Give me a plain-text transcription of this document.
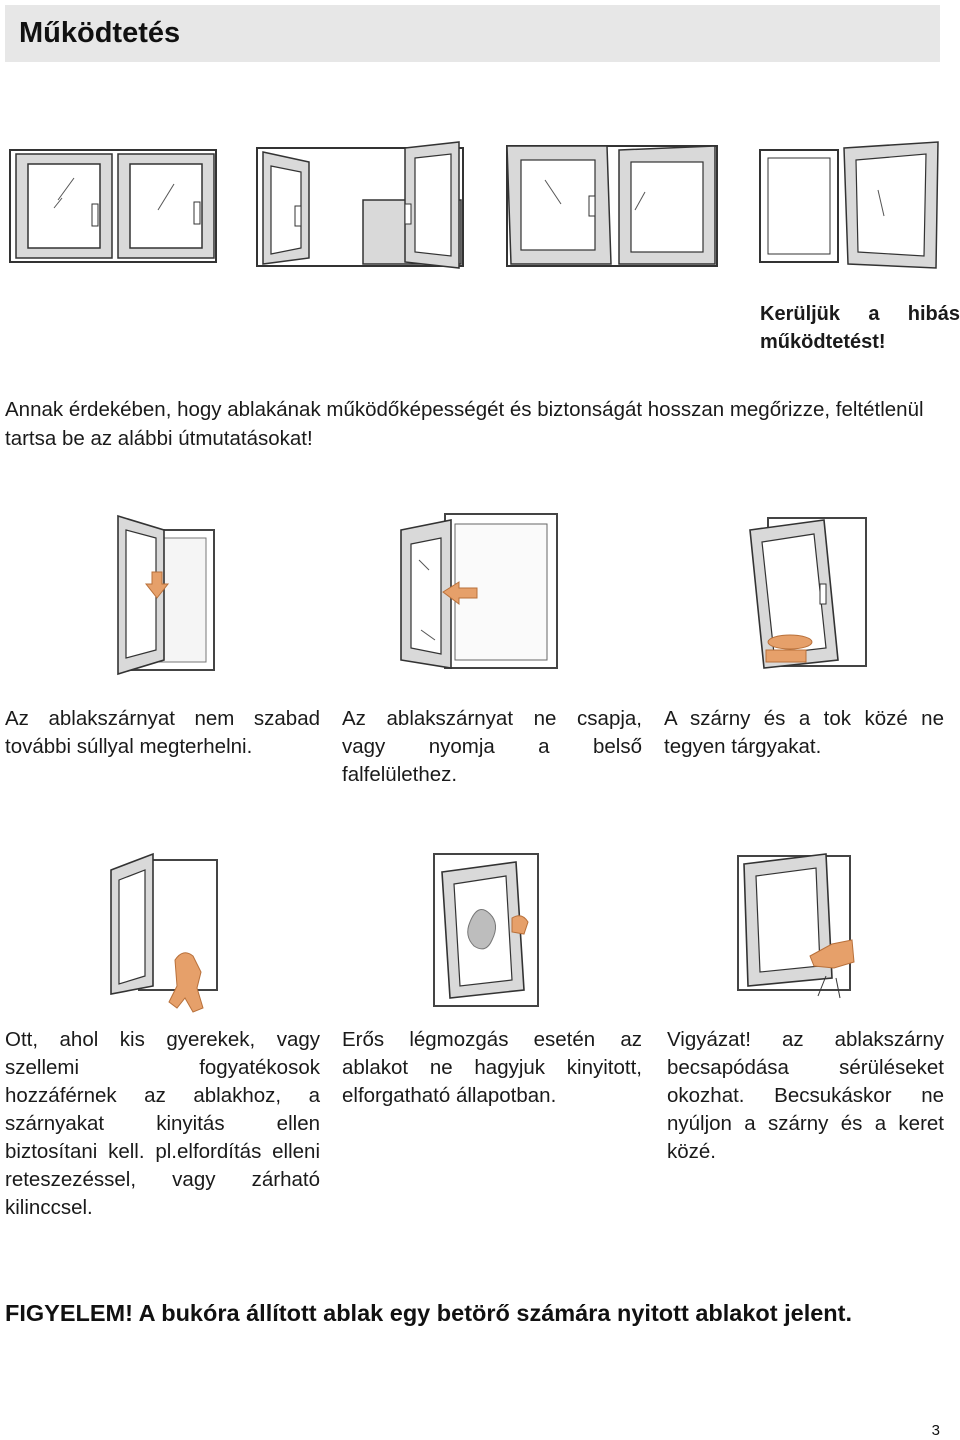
Működtetés
Kerüljük a hibás
működtetést!
Annak érdekében, hogy ablakának működőképességét és biztonságát hosszan megőrizze, feltétlenül tartsa be az alábbi útmutatásokat!
Az ablakszárnyat nem szabad további súllyal megterhelni.
Az ablakszárnyat ne csapja, vagy nyomja a belső falfelülethez.
A szárny és a tok közé ne tegyen tárgyakat.
Ott, ahol kis gyerekek, vagy szellemi fogyatékosok hozzáférnek az ablakhoz, a szárnyakat kinyitás ellen biztosítani kell. pl.elfordítás elleni reteszezéssel, vagy zárható kilinccsel.
Erős légmozgás esetén az ablakot ne hagyjuk kinyitott, elforgatható állapotban.
Vigyázat! az ablakszárny becsapódása sérüléseket okozhat. Becsukáskor ne nyúljon a szárny és a keret közé.
FIGYELEM! A bukóra állított ablak egy betörő számára nyitott ablakot jelent.
3
